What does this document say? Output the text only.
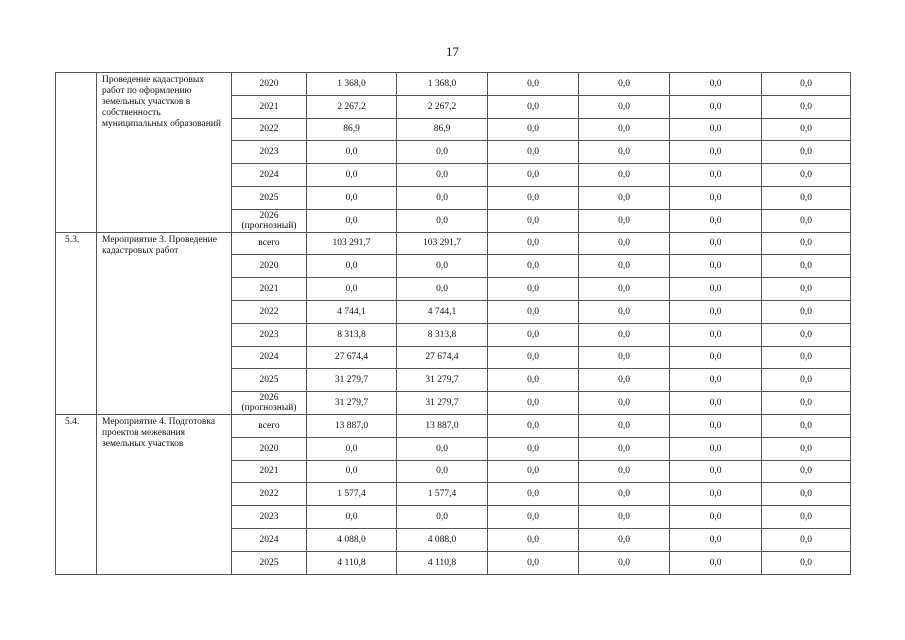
17
	Проведение кадастровых работ по оформлению земельных участков в собственность муниципальных образований	2020	1 368,0	1 368,0	0,0	0,0	0,0	0,0

		2021	2 267,2	2 267,2	0,0	0,0	0,0	0,0

		2022	86,9	86,9	0,0	0,0	0,0	0,0

		2023	0,0	0,0	0,0	0,0	0,0	0,0

		2024	0,0	0,0	0,0	0,0	0,0	0,0

		2025	0,0	0,0	0,0	0,0	0,0	0,0

		2026
(прогнозный)	0,0	0,0	0,0	0,0	0,0	0,0
5.3.	Мероприятие 3. Проведение кадастровых работ	всего	103 291,7	103 291,7	0,0	0,0	0,0	0,0

		2020	0,0	0,0	0,0	0,0	0,0	0,0

		2021	0,0	0,0	0,0	0,0	0,0	0,0

		2022	4 744,1	4 744,1	0,0	0,0	0,0	0,0

		2023	8 313,8	8 313,8	0,0	0,0	0,0	0,0

		2024	27 674,4	27 674,4	0,0	0,0	0,0	0,0

		2025	31 279,7	31 279,7	0,0	0,0	0,0	0,0

		2026
(прогнозный)	31 279,7	31 279,7	0,0	0,0	0,0	0,0
5.4.	Мероприятие 4. Подготовка проектов межевания земельных участков	всего	13 887,0	13 887,0	0,0	0,0	0,0	0,0

		2020	0,0	0,0	0,0	0,0	0,0	0,0

		2021	0,0	0,0	0,0	0,0	0,0	0,0

		2022	1 577,4	1 577,4	0,0	0,0	0,0	0,0

		2023	0,0	0,0	0,0	0,0	0,0	0,0

		2024	4 088,0	4 088,0	0,0	0,0	0,0	0,0

		2025	4 110,8	4 110,8	0,0	0,0	0,0	0,0
